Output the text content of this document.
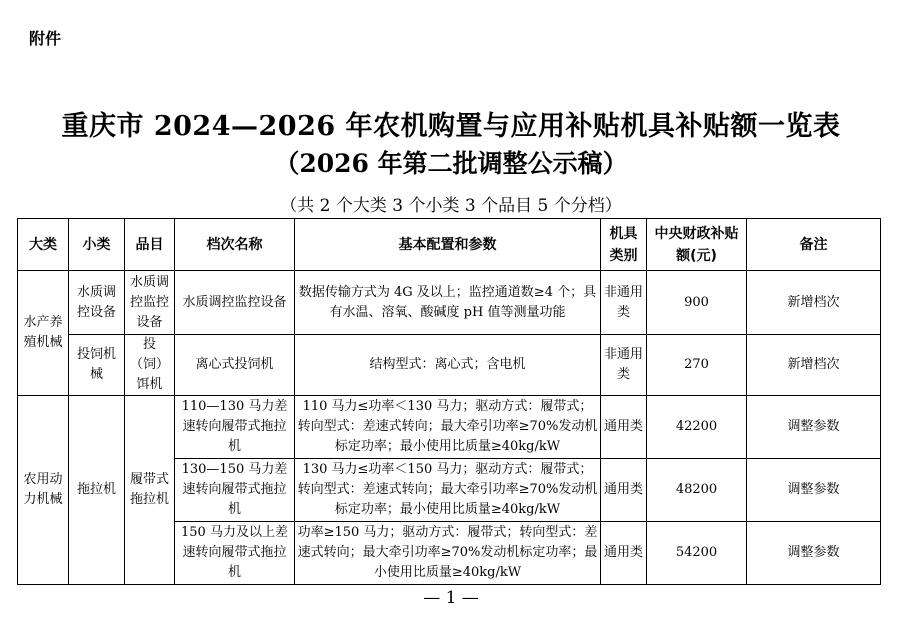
附件
重庆市 2024—2026 年农机购置与应用补贴机具补贴额一览表
（2026 年第二批调整公示稿）
（共 2 个大类 3 个小类 3 个品目 5 个分档）
大类	小类	品目	档次名称	基本配置和参数	机具类别	中央财政补贴额(元)	备注
水产养殖机械	水质调控设备	水质调控监控设备	水质调控监控设备	数据传输方式为 4G 及以上；监控通道数≥4 个；具有水温、溶氧、酸碱度 pH 值等测量功能	非通用类	900	新增档次
	投饲机械	投（饲）饵机	离心式投饲机	结构型式：离心式；含电机	非通用类	270	新增档次
农用动力机械	拖拉机	履带式拖拉机	110—130 马力差速转向履带式拖拉机	110 马力≤功率＜130 马力；驱动方式：履带式；转向型式：差速式转向；最大牵引功率≥70%发动机标定功率；最小使用比质量≥40kg/kW	通用类	42200	调整参数
			130—150 马力差速转向履带式拖拉机	130 马力≤功率＜150 马力；驱动方式：履带式；转向型式：差速式转向；最大牵引功率≥70%发动机标定功率；最小使用比质量≥40kg/kW	通用类	48200	调整参数
			150 马力及以上差速转向履带式拖拉机	功率≥150 马力；驱动方式：履带式；转向型式：差速式转向；最大牵引功率≥70%发动机标定功率；最小使用比质量≥40kg/kW	通用类	54200	调整参数
— 1 —
